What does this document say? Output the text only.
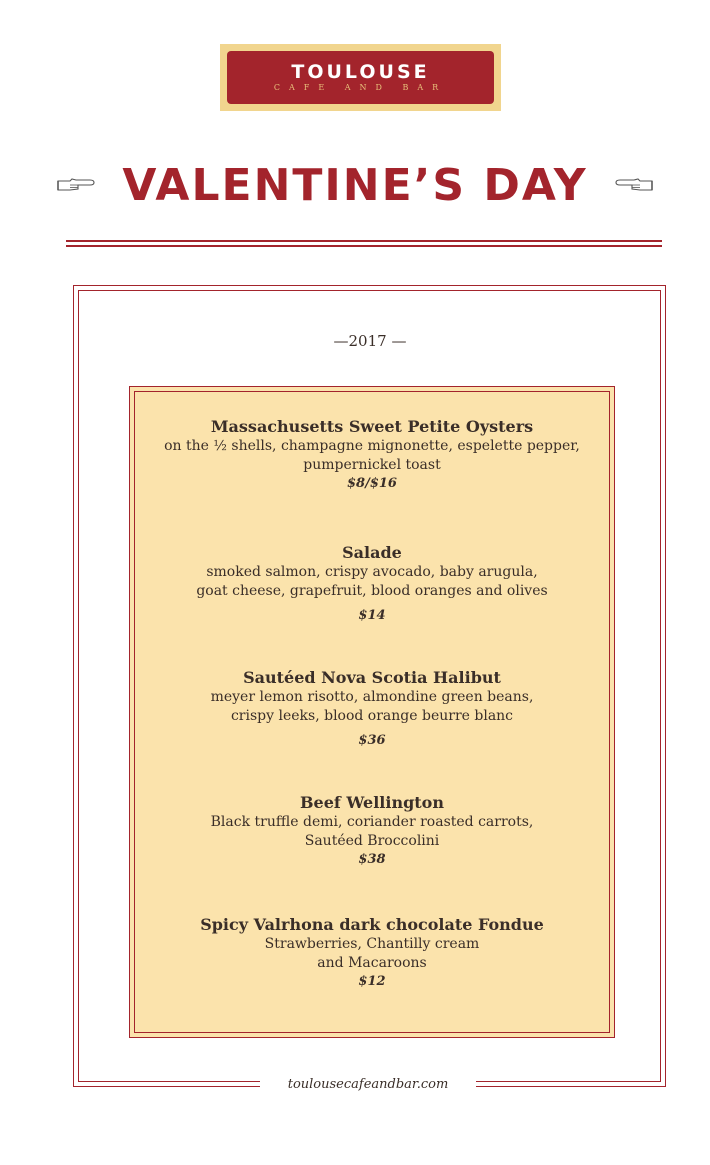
TOULOUSE
CAFE AND BAR
VALENTINE’S DAY
—2017 —
Massachusetts Sweet Petite Oysters
on the ½ shells, champagne mignonette, espelette pepper,
pumpernickel toast
$8/$16
Salade
smoked salmon, crispy avocado, baby arugula,
goat cheese, grapefruit, blood oranges and olives
$14
Sautéed Nova Scotia Halibut
meyer lemon risotto, almondine green beans,
crispy leeks, blood orange beurre blanc
$36
Beef Wellington
Black truffle demi, coriander roasted carrots,
Sautéed Broccolini
$38
Spicy Valrhona dark chocolate Fondue
Strawberries, Chantilly cream
and Macaroons
$12
toulousecafeandbar.com
